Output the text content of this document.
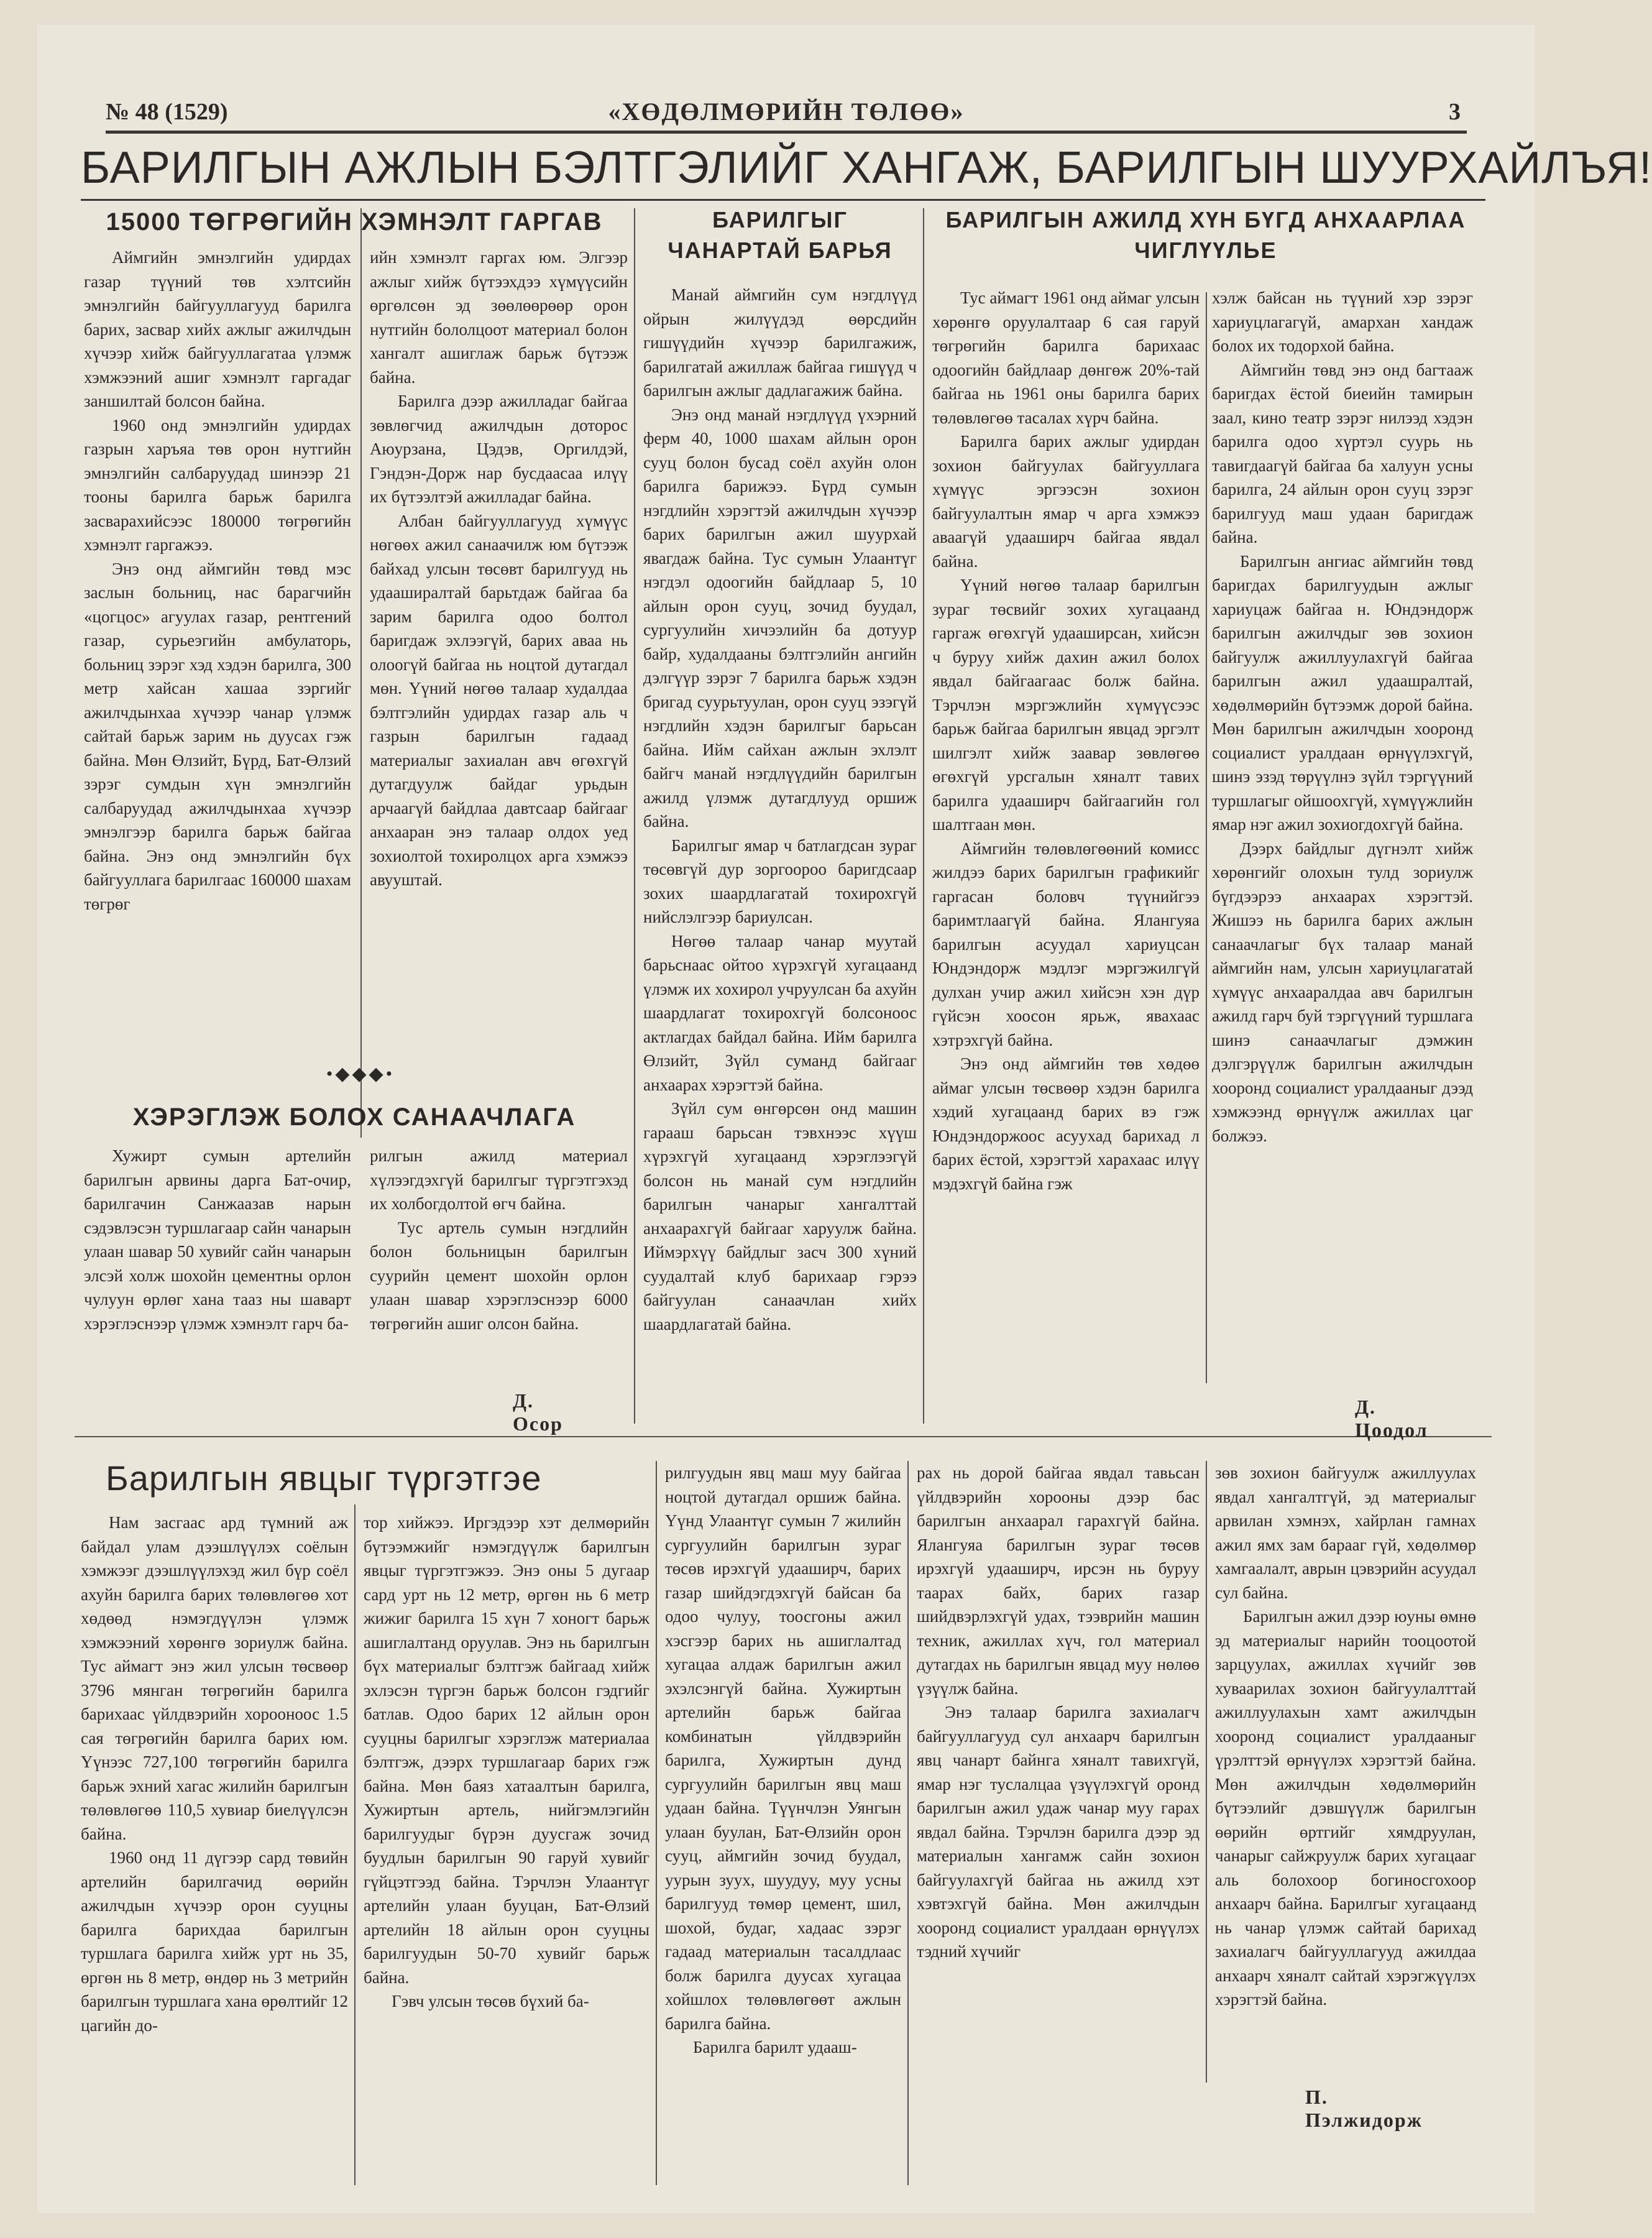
№ 48 (1529)	«ХӨДӨЛМӨРИЙН ТӨЛӨӨ»	3
БАРИЛГЫН АЖЛЫН БЭЛТГЭЛИЙГ ХАНГАЖ, БАРИЛГЫН ШУУРХАЙЛЪЯ!
15000 ТӨГРӨГИЙН ХЭМНЭЛТ ГАРГАВ

Аймгийн эмнэлгийн удирдах газар түүний төв хэлтсийн эмнэлгийн байгууллагууд барилга барих, засвар хийх ажлыг ажилчдын хүчээр хийж байгууллагатаа үлэмж хэмжээний ашиг хэмнэлт гаргадаг заншилтай болсон байна.

1960 онд эмнэлгийн удирдах газрын харъяа төв орон нутгийн эмнэлгийн салбаруудад шинээр 21 тооны барилга барьж барилга засварахийсээс 180000 төгрөгийн хэмнэлт гаргажээ.

Энэ онд аймгийн төвд мэс заслын больниц, нас барагчийн «цогцос» агуулах газар, рентгений газар, сурьеэгийн амбулаторь, больниц зэрэг хэд хэдэн барилга, 300 метр хайсан хашаа зэргийг ажилчдынхаа хүчээр чанар үлэмж сайтай барьж зарим нь дуусах гэж байна. Мөн Өлзийт, Бүрд, Бат-Өлзий зэрэг сумдын хүн эмнэлгийн салбаруудад ажилчдынхаа хүчээр эмнэлгээр барилга барьж байгаа байна. Энэ онд эмнэлгийн бүх байгууллага барилгаас 160000 шахам төгрөг

ийн хэмнэлт гаргах юм. Элгээр ажлыг хийж бүтээхдээ хүмүүсийн өргөлсөн эд зөөлөөрөөр орон нутгийн бололцоот материал болон хангалт ашиглаж барьж бүтээж байна.

Барилга дээр ажилладаг байгаа зөвлөгчид ажилчдын доторос Аюурзана, Цэдэв, Оргилдэй, Гэндэн-Дорж нар бусдаасаа илүү их бүтээлтэй ажилладаг байна.

Албан байгууллагууд хүмүүс нөгөөх ажил санаачилж юм бүтээж байхад улсын төсөвт барилгууд нь удааширалтай барьтдаж байгаа ба зарим барилга одоо болтол баригдаж эхлээгүй, барих аваа нь олоогүй байгаа нь ноцтой дутагдал мөн. Үүний нөгөө талаар худалдаа бэлтгэлийн удирдах газар аль ч газрын барилгын гадаад материалыг захиалан авч өгөхгүй дутагдуулж байдаг урьдын арчаагүй байдлаа давтсаар байгааг анхааран энэ талаар олдох уед зохиолтой тохиролцох арга хэмжээ авууштай.

•◆◆◆•
ХЭРЭГЛЭЖ БОЛОХ САНААЧЛАГА

Хужирт сумын артелийн барилгын арвины дарга Бат-очир, барилгачин Санжаазав нарын сэдэвлэсэн туршлагаар сайн чанарын улаан шавар 50 хувийг сайн чанарын элсэй холж шохойн цементны орлон чулуун өрлөг хана тааз ны шаварт хэрэглэснээр үлэмж хэмнэлт гарч ба-

рилгын ажилд материал хүлээгдэхгүй барилгыг түргэтгэхэд их холбогдолтой өгч байна.

Тус артель сумын нэгдлийн болон больницын барилгын суурийн цемент шохойн орлон улаан шавар хэрэглэснээр 6000 төгрөгийн ашиг олсон байна.

Д. Осор
БАРИЛГЫГ ЧАНАРТАЙ БАРЬЯ

Манай аймгийн сум нэгдлүүд ойрын жилүүдэд өөрсдийн гишүүдийн хүчээр барилгажиж, барилгатай ажиллаж байгаа гишүүд ч барилгын ажлыг дадлагажиж байна.

Энэ онд манай нэгдлүүд үхэрний ферм 40, 1000 шахам айлын орон сууц болон бусад соёл ахуйн олон барилга барижээ. Бүрд сумын нэгдлийн хэрэгтэй ажилчдын хүчээр барих барилгын ажил шуурхай явагдаж байна. Тус сумын Улаантүг нэгдэл одоогийн байдлаар 5, 10 айлын орон сууц, зочид буудал, сургуулийн хичээлийн ба дотуур байр, худалдааны бэлтгэлийн ангийн дэлгүүр зэрэг 7 барилга барьж хэдэн бригад суурьтуулан, орон сууц эзэгүй нэгдлийн хэдэн барилгыг барьсан байна. Ийм сайхан ажлын эхлэлт байгч манай нэгдлүүдийн барилгын ажилд үлэмж дутагдлууд оршиж байна.

Барилгыг ямар ч батлагдсан зураг төсөвгүй дур зоргоороо баригдсаар зохих шаардлагатай тохирохгүй нийслэлгээр бариулсан.

Нөгөө талаар чанар муутай барьснаас ойтоо хүрэхгүй хугацаанд үлэмж их хохирол учруулсан ба ахуйн шаардлагат тохирохгүй болсоноос актлагдах байдал байна. Ийм барилга Өлзийт, Зүйл суманд байгааг анхаарах хэрэгтэй байна.

Зүйл сум өнгөрсөн онд машин гарааш барьсан тэвхнээс хүүш хүрэхгүй хугацаанд хэрэглээгүй болсон нь манай сум нэгдлийн барилгын чанарыг хангалттай анхаарахгүй байгааг харуулж байна. Иймэрхүү байдлыг засч 300 хүний суудалтай клуб барихаар гэрээ байгуулан санаачлан хийх шаардлагатай байна.

БАРИЛГЫН АЖИЛД ХҮН БҮГД АНХААРЛАА ЧИГЛҮҮЛЬЕ

Тус аймагт 1961 онд аймаг улсын хөрөнгө оруулалтаар 6 сая гаруй төгрөгийн барилга барихаас одоогийн байдлаар дөнгөж 20%-тай байгаа нь 1961 оны барилга барих төлөвлөгөө тасалах хүрч байна.

Барилга барих ажлыг удирдан зохион байгуулах байгууллага хүмүүс эргээсэн зохион байгуулалтын ямар ч арга хэмжээ аваагүй удааширч байгаа явдал байна.

Үүний нөгөө талаар барилгын зураг төсвийг зохих хугацаанд гаргаж өгөхгүй удааширсан, хийсэн ч буруу хийж дахин ажил болох явдал байгаагаас болж байна. Тэрчлэн мэргэжлийн хүмүүсээс барьж байгаа барилгын явцад эргэлт шилгэлт хийж заавар зөвлөгөө өгөхгүй урсгалын хяналт тавих барилга удааширч байгаагийн гол шалтгаан мөн.

Аймгийн төлөвлөгөөний комисс жилдээ барих барилгын графикийг гаргасан боловч түүнийгээ баримтлаагүй байна. Ялангуяа барилгын асуудал хариуцсан Юндэндорж мэдлэг мэргэжилгүй дулхан учир ажил хийсэн хэн дүр гүйсэн хоосон ярьж, явахаас хэтрэхгүй байна.

Энэ онд аймгийн төв хөдөө аймаг улсын төсвөөр хэдэн барилга хэдий хугацаанд барих вэ гэж Юндэндоржоос асуухад барихад л барих ёстой, хэрэгтэй харахаас илүү мэдэхгүй байна гэж

хэлж байсан нь түүний хэр зэрэг хариуцлагагүй, амархан хандаж болох их тодорхой байна.

Аймгийн төвд энэ онд багтааж баригдах ёстой биеийн тамирын заал, кино театр зэрэг нилээд хэдэн барилга одоо хүртэл суурь нь тавигдаагүй байгаа ба халуун усны барилга, 24 айлын орон сууц зэрэг барилгууд маш удаан баригдаж байна.

Барилгын ангиас аймгийн төвд баригдах барилгуудын ажлыг хариуцаж байгаа н. Юндэндорж барилгын ажилчдыг зөв зохион байгуулж ажиллуулахгүй байгаа барилгын ажил удаашралтай, хөдөлмөрийн бүтээмж дорой байна. Мөн барилгын ажилчдын хооронд социалист уралдаан өрнүүлэхгүй, шинэ эзэд төрүүлнэ зүйл тэргүүний туршлагыг ойшоохгүй, хүмүүжлийн ямар нэг ажил зохиогдохгүй байна.

Дээрх байдлыг дүгнэлт хийж хөрөнгийг олохын тулд зориулж бүгдээрээ анхаарах хэрэгтэй. Жишээ нь барилга барих ажлын санаачлагыг бүх талаар манай аймгийн нам, улсын хариуцлагатай хүмүүс анхааралдаа авч барилгын ажилд гарч буй тэргүүний туршлага шинэ санаачлагыг дэмжин дэлгэрүүлж барилгын ажилчдын хооронд социалист уралдааныг дээд хэмжээнд өрнүүлж ажиллах цаг болжээ.

Д. Цоодол
Барилгын явцыг түргэтгэе

Нам засгаас ард түмний аж байдал улам дээшлүүлэх соёлын хэмжээг дээшлүүлэхэд жил бүр соёл ахуйн барилга барих төлөвлөгөө хот хөдөөд нэмэгдүүлэн үлэмж хэмжээний хөрөнгө зориулж байна. Тус аймагт энэ жил улсын төсвөөр 3796 мянган төгрөгийн барилга барихаас үйлдвэрийн хорооноос 1.5 сая төгрөгийн барилга барих юм. Үүнээс 727,100 төгрөгийн барилга барьж эхний хагас жилийн барилгын төлөвлөгөө 110,5 хувиар биелүүлсэн байна.

1960 онд 11 дүгээр сард төвийн артелийн барилгачид өөрийн ажилчдын хүчээр орон сууцны барилга барихдаа барилгын туршлага барилга хийж урт нь 35, өргөн нь 8 метр, өндөр нь 3 метрийн барилгын туршлага хана өрөлтийг 12 цагийн до-

тор хийжээ. Иргэдээр хэт делмөрийн бүтээмжийг нэмэгдүүлж барилгын явцыг түргэтгэжээ. Энэ оны 5 дугаар сард урт нь 12 метр, өргөн нь 6 метр жижиг барилга 15 хүн 7 хоногт барьж ашиглалтанд оруулав. Энэ нь барилгын бүх материалыг бэлтгэж байгаад хийж эхлэсэн түргэн барьж болсон гэдгийг батлав. Одоо барих 12 айлын орон сууцны барилгыг хэрэглэж материалаа бэлтгэж, дээрх туршлагаар барих гэж байна. Мөн баяз хатаалтын барилга, Хужиртын артель, нийгэмлэгийн барилгуудыг бүрэн дуусгаж зочид буудлын барилгын 90 гаруй хувийг гүйцэтгээд байна. Тэрчлэн Улаантүг артелийн улаан бууцан, Бат-Өлзий артелийн 18 айлын орон сууцны барилгуудын 50-70 хувийг барьж байна.

Гэвч улсын төсөв бүхий ба-

рилгуудын явц маш муу байгаа ноцтой дутагдал оршиж байна. Үүнд Улаантүг сумын 7 жилийн сургуулийн барилгын зураг төсөв ирэхгүй удааширч, барих газар шийдэгдэхгүй байсан ба одоо чулуу, тоосгоны ажил хэсгээр барих нь ашиглалтад хугацаа алдаж барилгын ажил эхэлсэнгүй байна. Хужиртын артелийн барьж байгаа комбинатын үйлдвэрийн барилга, Хужиртын дунд сургуулийн барилгын явц маш удаан байна. Түүнчлэн Уянгын улаан буулан, Бат-Өлзийн орон сууц, аймгийн зочид буудал, уурын зуух, шуудуу, муу усны барилгууд төмөр цемент, шил, шохой, будаг, хадаас зэрэг гадаад материалын тасалдлаас болж барилга дуусах хугацаа хойшлох төлөвлөгөөт ажлын барилга байна.

Барилга барилт удааш-

рах нь дорой байгаа явдал тавьсан үйлдвэрийн хорооны дээр бас барилгын анхаарал гарахгүй байна. Ялангуяа барилгын зураг төсөв ирэхгүй удааширч, ирсэн нь буруу таарах байх, барих газар шийдвэрлэхгүй удах, тээврийн машин техник, ажиллах хүч, гол материал дутагдах нь барилгын явцад муу нөлөө үзүүлж байна.

Энэ талаар барилга захиалагч байгууллагууд сул анхаарч барилгын явц чанарт байнга хяналт тавихгүй, ямар нэг туслалцаа үзүүлэхгүй оронд барилгын ажил удаж чанар муу гарах явдал байна. Тэрчлэн барилга дээр эд материалын хангамж сайн зохион байгуулахгүй байгаа нь ажилд хэт хэвтэхгүй байна. Мөн ажилчдын хооронд социалист уралдаан өрнүүлэх тэдний хүчийг

зөв зохион байгуулж ажиллуулах явдал хангалтгүй, эд материалыг арвилан хэмнэх, хайрлан гамнах ажил ямх зам барааг гүй, хөдөлмөр хамгаалалт, аврын цэвэрийн асуудал сул байна.

Барилгын ажил дээр юуны өмнө эд материалыг нарийн тооцоотой зарцуулах, ажиллах хүчийг зөв хуваарилах зохион байгуулалттай ажиллуулахын хамт ажилчдын хооронд социалист уралдааныг үрэлттэй өрнүүлэх хэрэгтэй байна. Мөн ажилчдын хөдөлмөрийн бүтээлийг дэвшүүлж барилгын өөрийн өртгийг хямдруулан, чанарыг сайжруулж барих хугацааг аль болохоор богиносгохоор анхаарч байна. Барилгыг хугацаанд нь чанар үлэмж сайтай барихад захиалагч байгууллагууд ажилдаа анхаарч хяналт сайтай хэрэгжүүлэх хэрэгтэй байна.

П. Пэлжидорж
